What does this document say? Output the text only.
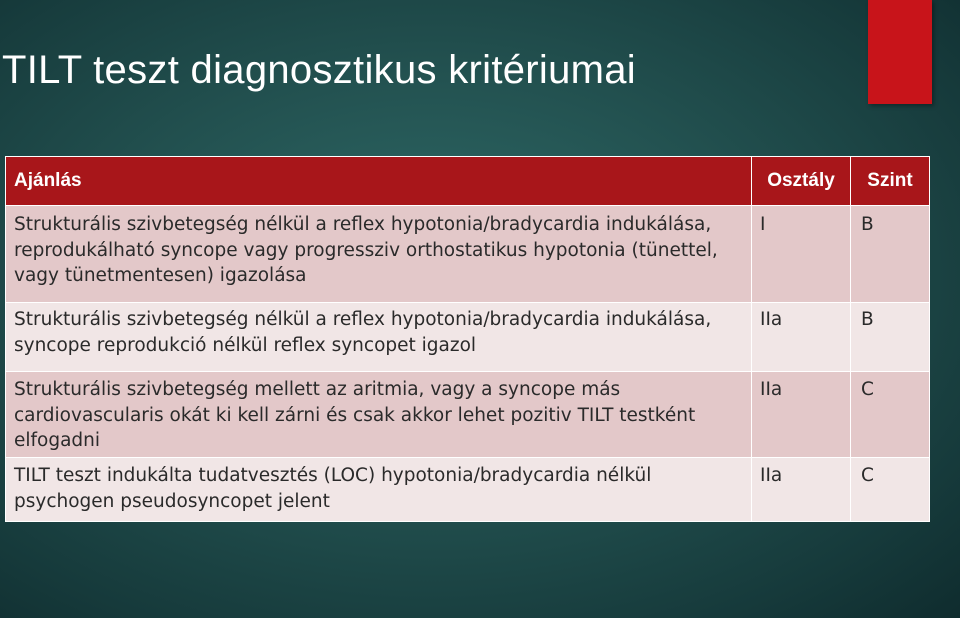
TILT teszt diagnosztikus kritériumai
Ajánlás	Osztály	Szint
Strukturális szivbetegség nélkül a reflex hypotonia/bradycardia indukálása, reprodukálható syncope vagy progressziv orthostatikus hypotonia (tünettel, vagy tünetmentesen) igazolása	I	B
Strukturális szivbetegség nélkül a reflex hypotonia/bradycardia indukálása, syncope reprodukció nélkül reflex syncopet igazol	IIa	B
Strukturális szivbetegség mellett az aritmia, vagy a syncope más cardiovascularis okát ki kell zárni és csak akkor lehet pozitiv TILT testként elfogadni	IIa	C
TILT teszt indukálta tudatvesztés (LOC) hypotonia/bradycardia nélkül psychogen pseudosyncopet jelent	IIa	C
